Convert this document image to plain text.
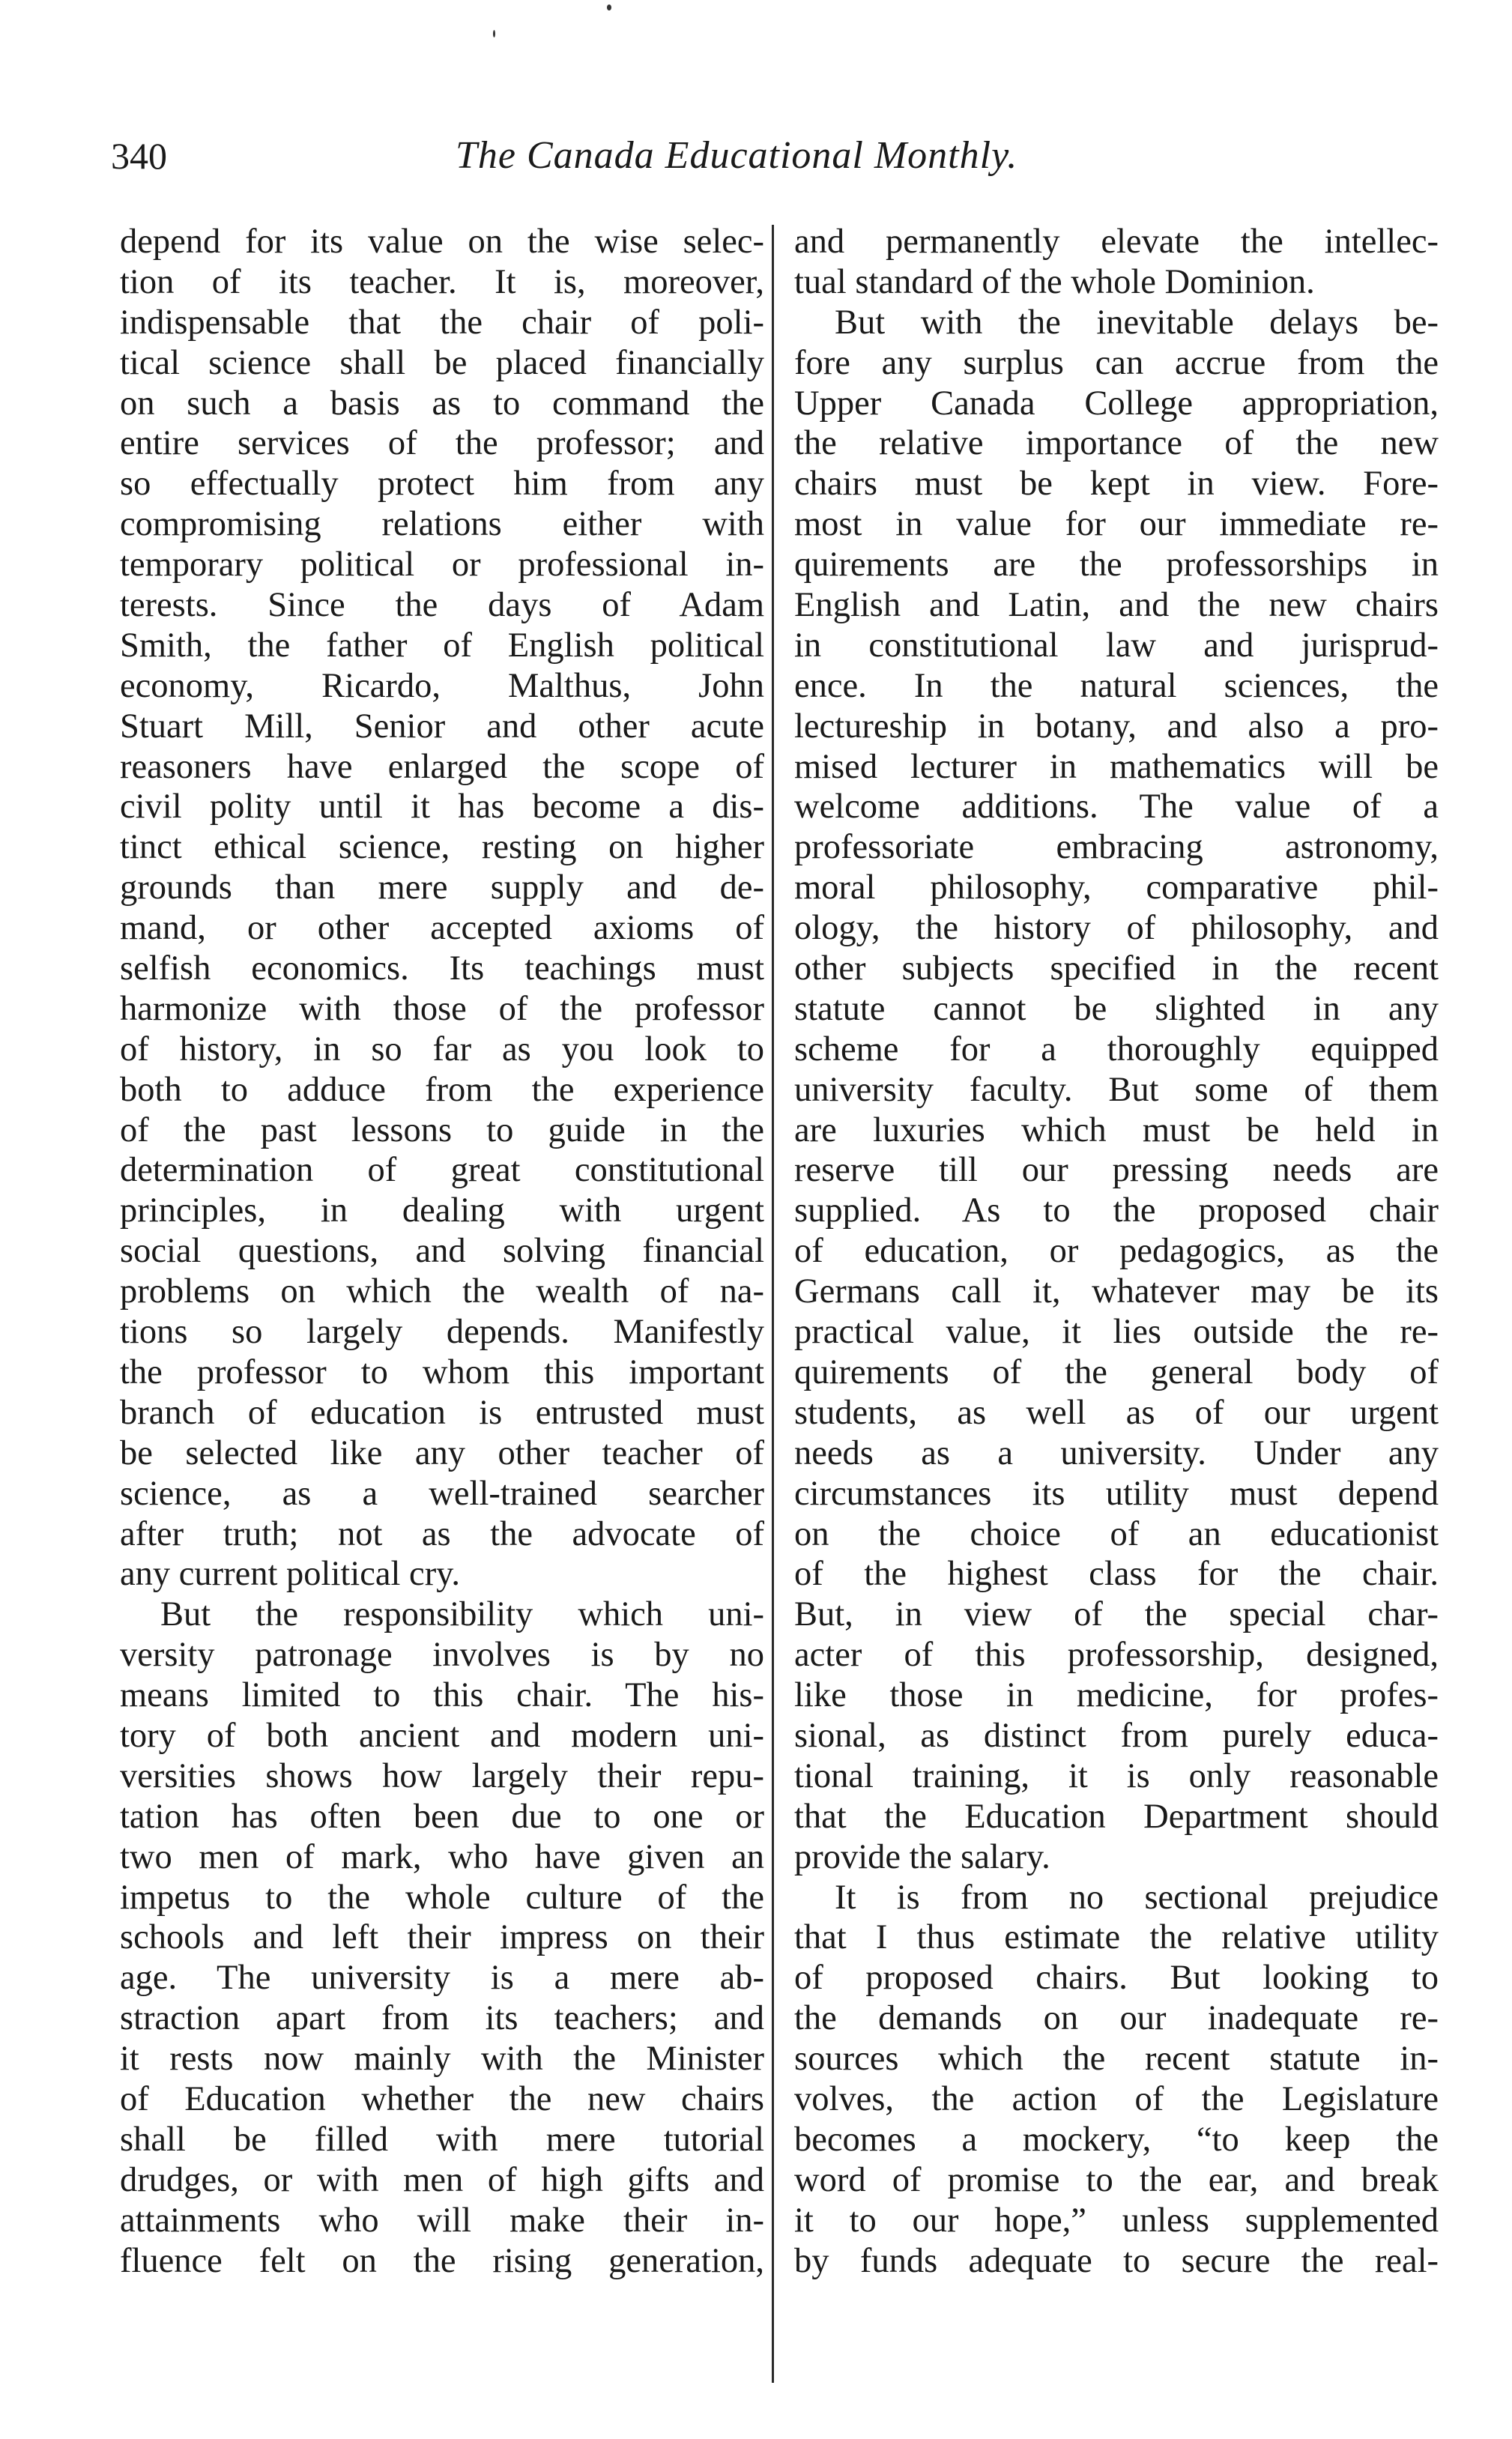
340	The Canada Educational Monthly.
depend for its value on the wise selec-
tion of its teacher. It is, moreover,
indispensable that the chair of poli-
tical science shall be placed financially
on such a basis as to command the
entire services of the professor; and
so effectually protect him from any
compromising relations either with
temporary political or professional in-
terests. Since the days of Adam
Smith, the father of English political
economy, Ricardo, Malthus, John
Stuart Mill, Senior and other acute
reasoners have enlarged the scope of
civil polity until it has become a dis-
tinct ethical science, resting on higher
grounds than mere supply and de-
mand, or other accepted axioms of
selfish economics. Its teachings must
harmonize with those of the professor
of history, in so far as you look to
both to adduce from the experience
of the past lessons to guide in the
determination of great constitutional
principles, in dealing with urgent
social questions, and solving financial
problems on which the wealth of na-
tions so largely depends. Manifestly
the professor to whom this important
branch of education is entrusted must
be selected like any other teacher of
science, as a well-trained searcher
after truth; not as the advocate of
any current political cry.
But the responsibility which uni-
versity patronage involves is by no
means limited to this chair. The his-
tory of both ancient and modern uni-
versities shows how largely their repu-
tation has often been due to one or
two men of mark, who have given an
impetus to the whole culture of the
schools and left their impress on their
age. The university is a mere ab-
straction apart from its teachers; and
it rests now mainly with the Minister
of Education whether the new chairs
shall be filled with mere tutorial
drudges, or with men of high gifts and
attainments who will make their in-
fluence felt on the rising generation,
and permanently elevate the intellec-
tual standard of the whole Dominion.
But with the inevitable delays be-
fore any surplus can accrue from the
Upper Canada College appropriation,
the relative importance of the new
chairs must be kept in view. Fore-
most in value for our immediate re-
quirements are the professorships in
English and Latin, and the new chairs
in constitutional law and jurisprud-
ence. In the natural sciences, the
lectureship in botany, and also a pro-
mised lecturer in mathematics will be
welcome additions. The value of a
professoriate embracing astronomy,
moral philosophy, comparative phil-
ology, the history of philosophy, and
other subjects specified in the recent
statute cannot be slighted in any
scheme for a thoroughly equipped
university faculty. But some of them
are luxuries which must be held in
reserve till our pressing needs are
supplied. As to the proposed chair
of education, or pedagogics, as the
Germans call it, whatever may be its
practical value, it lies outside the re-
quirements of the general body of
students, as well as of our urgent
needs as a university. Under any
circumstances its utility must depend
on the choice of an educationist
of the highest class for the chair.
But, in view of the special char-
acter of this professorship, designed,
like those in medicine, for profes-
sional, as distinct from purely educa-
tional training, it is only reasonable
that the Education Department should
provide the salary.
It is from no sectional prejudice
that I thus estimate the relative utility
of proposed chairs. But looking to
the demands on our inadequate re-
sources which the recent statute in-
volves, the action of the Legislature
becomes a mockery, “to keep the
word of promise to the ear, and break
it to our hope,” unless supplemented
by funds adequate to secure the real-
